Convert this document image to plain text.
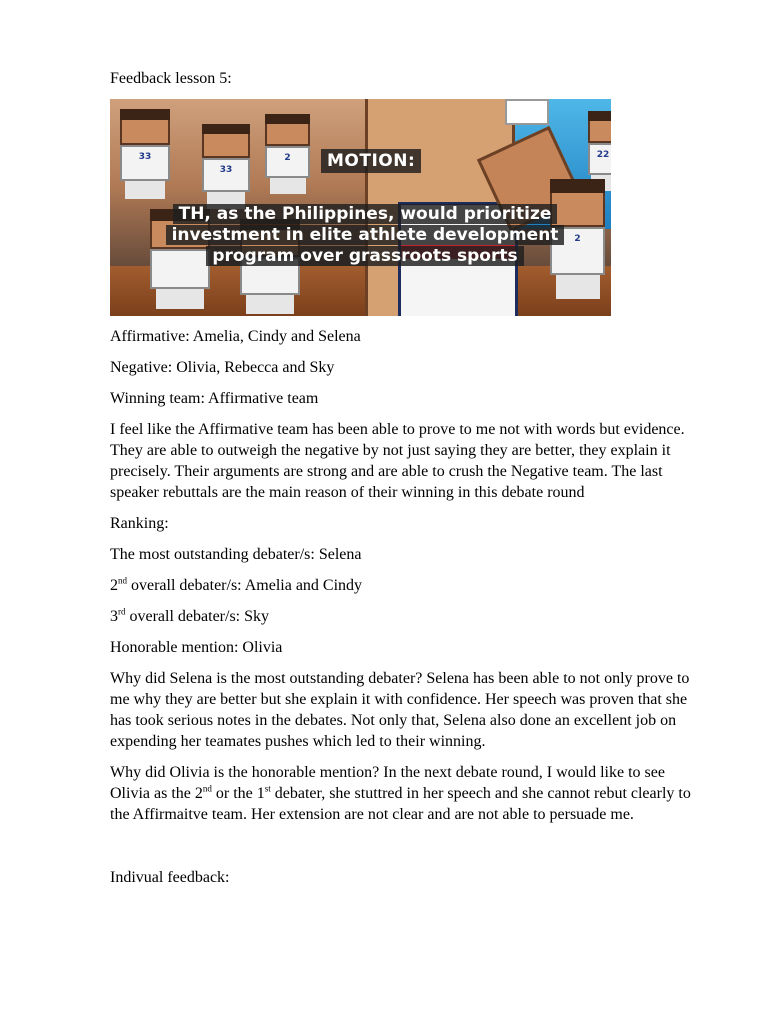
Feedback lesson 5:

33
33
2	22
2
MOTION:
TH, as the Philippines, would prioritize
investment in elite athlete development
program over grassroots sports

Affirmative: Amelia, Cindy and Selena

Negative: Olivia, Rebecca and Sky

Winning team: Affirmative team

I feel like the Affirmative team has been able to prove to me not with words but evidence. They are able to outweigh the negative by not just saying they are better, they explain it precisely. Their arguments are strong and are able to crush the Negative team. The last speaker rebuttals are the main reason of their winning in this debate round

Ranking:

The most outstanding debater/s: Selena

2nd overall debater/s: Amelia and Cindy

3rd overall debater/s: Sky

Honorable mention: Olivia

Why did Selena is the most outstanding debater? Selena has been able to not only prove to me why they are better but she explain it with confidence. Her speech was proven that she has took serious notes in the debates. Not only that, Selena also done an excellent job on expending her teamates pushes which led to their winning.

Why did Olivia is the honorable mention? In the next debate round, I would like to see Olivia as the 2nd or the 1st debater, she stuttred in her speech and she cannot rebut clearly to the Affirmaitve team. Her extension are not clear and are not able to persuade me.

Indivual feedback:
